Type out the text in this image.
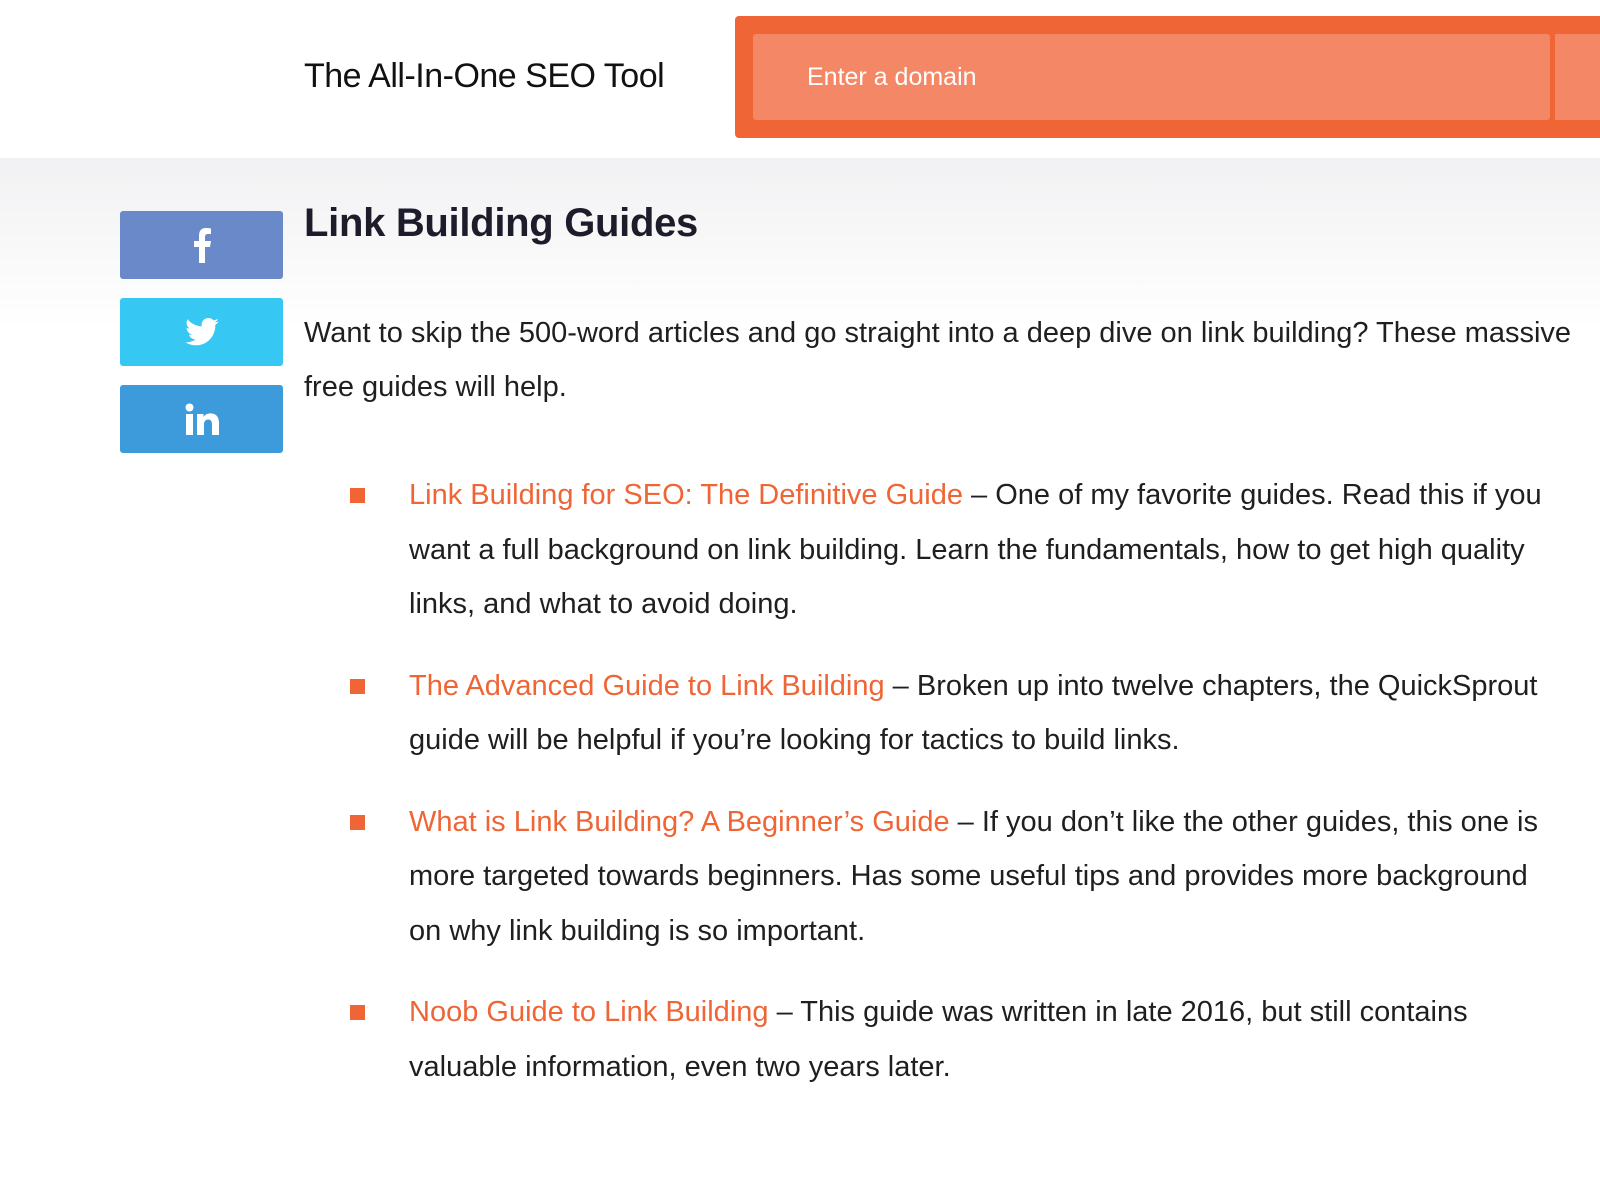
The All-In-One SEO Tool
Enter a domain
Link Building Guides

Want to skip the 500-word articles and go straight into a deep dive on link building? These massive free guides will help.

Link Building for SEO: The Definitive Guide – One of my favorite guides. Read this if you want a full background on link building. Learn the fundamentals, how to get high quality links, and what to avoid doing.
The Advanced Guide to Link Building – Broken up into twelve chapters, the QuickSprout guide will be helpful if you’re looking for tactics to build links.
What is Link Building? A Beginner’s Guide – If you don’t like the other guides, this one is more targeted towards beginners. Has some useful tips and provides more background on why link building is so important.
Noob Guide to Link Building – This guide was written in late 2016, but still contains valuable information, even two years later.
